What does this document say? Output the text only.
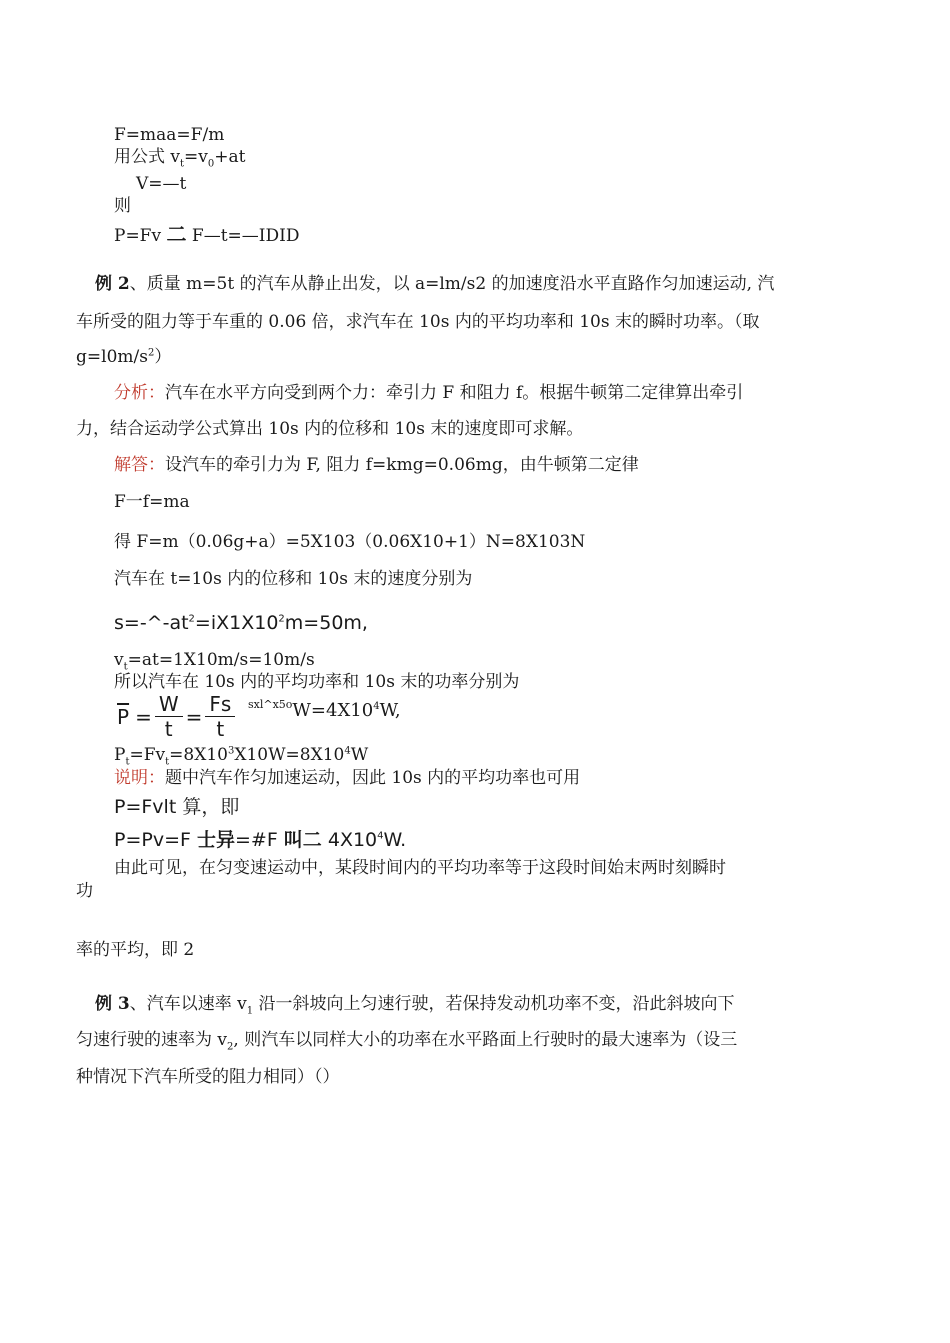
F=maa=F/m
用公式 $v_t=v_0+at$
V=—t
则
P=Fv 二 F—t=—IDID
例 2、质量 m=5t 的汽车从静止出发，以 a=lm/s2 的加速度沿水平直路作匀加速运动, 汽
车所受的阻力等于车重的 0.06 倍，求汽车在 10s 内的平均功率和 10s 末的瞬时功率。（取
$g=l0m/s^2$）
分析：汽车在水平方向受到两个力：牵引力 F 和阻力 f。根据牛顿第二定律算出牵引
力，结合运动学公式算出 10s 内的位移和 10s 末的速度即可求解。
解答：设汽车的牵引力为 F, 阻力 f=kmg=0.06mg，由牛顿第二定律
F一f=ma
得 F=m（0.06g+a）=5X103（0.06X10+1）N=8X103N
汽车在 t=10s 内的位移和 10s 末的速度分别为
$s=-\^{}-at^2=iX1X10^2m=50m$,
$v_t=at=1X10m/s=10m/s$
所以汽车在 10s 内的平均功率和 10s 末的功率分别为
$\overline{P} = \frac{W}{t} = \frac{Fs}{t} ^{sxl\^{}x5o}W=4X10^4W$,
$P_t=Fv_t=8X10^3X10W=8X10^4W$
说明：题中汽车作匀加速运动，因此 10s 内的平均功率也可用
P=Fvlt 算，即
P=Pv=F 士异=#F 叫二 $4X10^4W$.
由此可见，在匀变速运动中，某段时间内的平均功率等于这段时间始末两时刻瞬时
功
率的平均，即 2
例 3、汽车以速率 $v_1$ 沿一斜坡向上匀速行驶，若保持发动机功率不变，沿此斜坡向下
匀速行驶的速率为 $v_2$, 则汽车以同样大小的功率在水平路面上行驶时的最大速率为（设三
种情况下汽车所受的阻力相同）（）
